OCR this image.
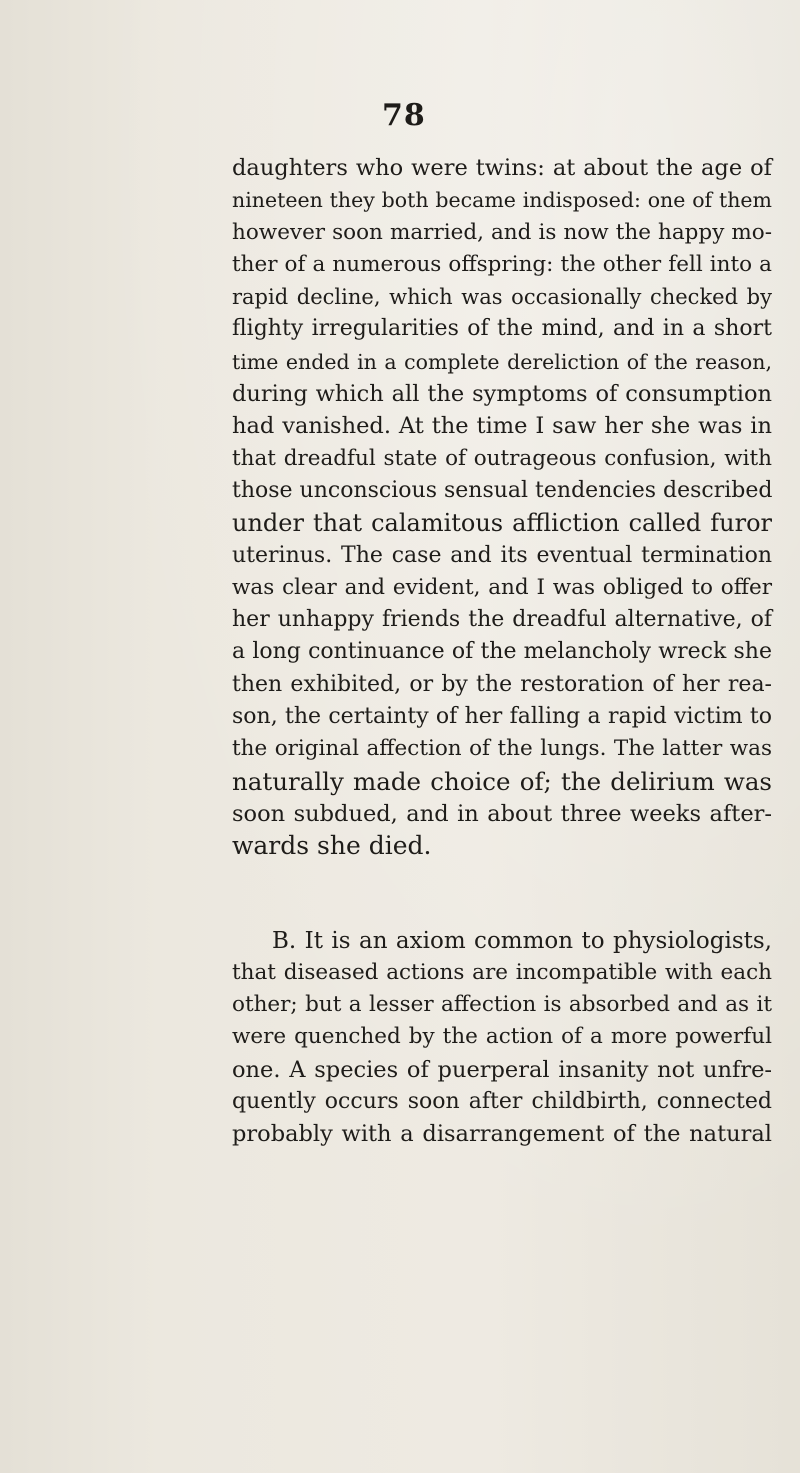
78
daughters who were twins: at about the age of
nineteen they both became indisposed: one of them
however soon married, and is now the happy mo-
ther of a numerous offspring: the other fell into a
rapid decline, which was occasionally checked by
flighty irregularities of the mind, and in a short
time ended in a complete dereliction of the reason,
during which all the symptoms of consumption
had vanished. At the time I saw her she was in
that dreadful state of outrageous confusion, with
those unconscious sensual tendencies described
under that calamitous affliction called furor
uterinus. The case and its eventual termination
was clear and evident, and I was obliged to offer
her unhappy friends the dreadful alternative, of
a long continuance of the melancholy wreck she
then exhibited, or by the restoration of her rea-
son, the certainty of her falling a rapid victim to
the original affection of the lungs. The latter was
naturally made choice of; the delirium was
soon subdued, and in about three weeks after-
wards she died.
B. It is an axiom common to physiologists,
that diseased actions are incompatible with each
other; but a lesser affection is absorbed and as it
were quenched by the action of a more powerful
one. A species of puerperal insanity not unfre-
quently occurs soon after childbirth, connected
probably with a disarrangement of the natural
